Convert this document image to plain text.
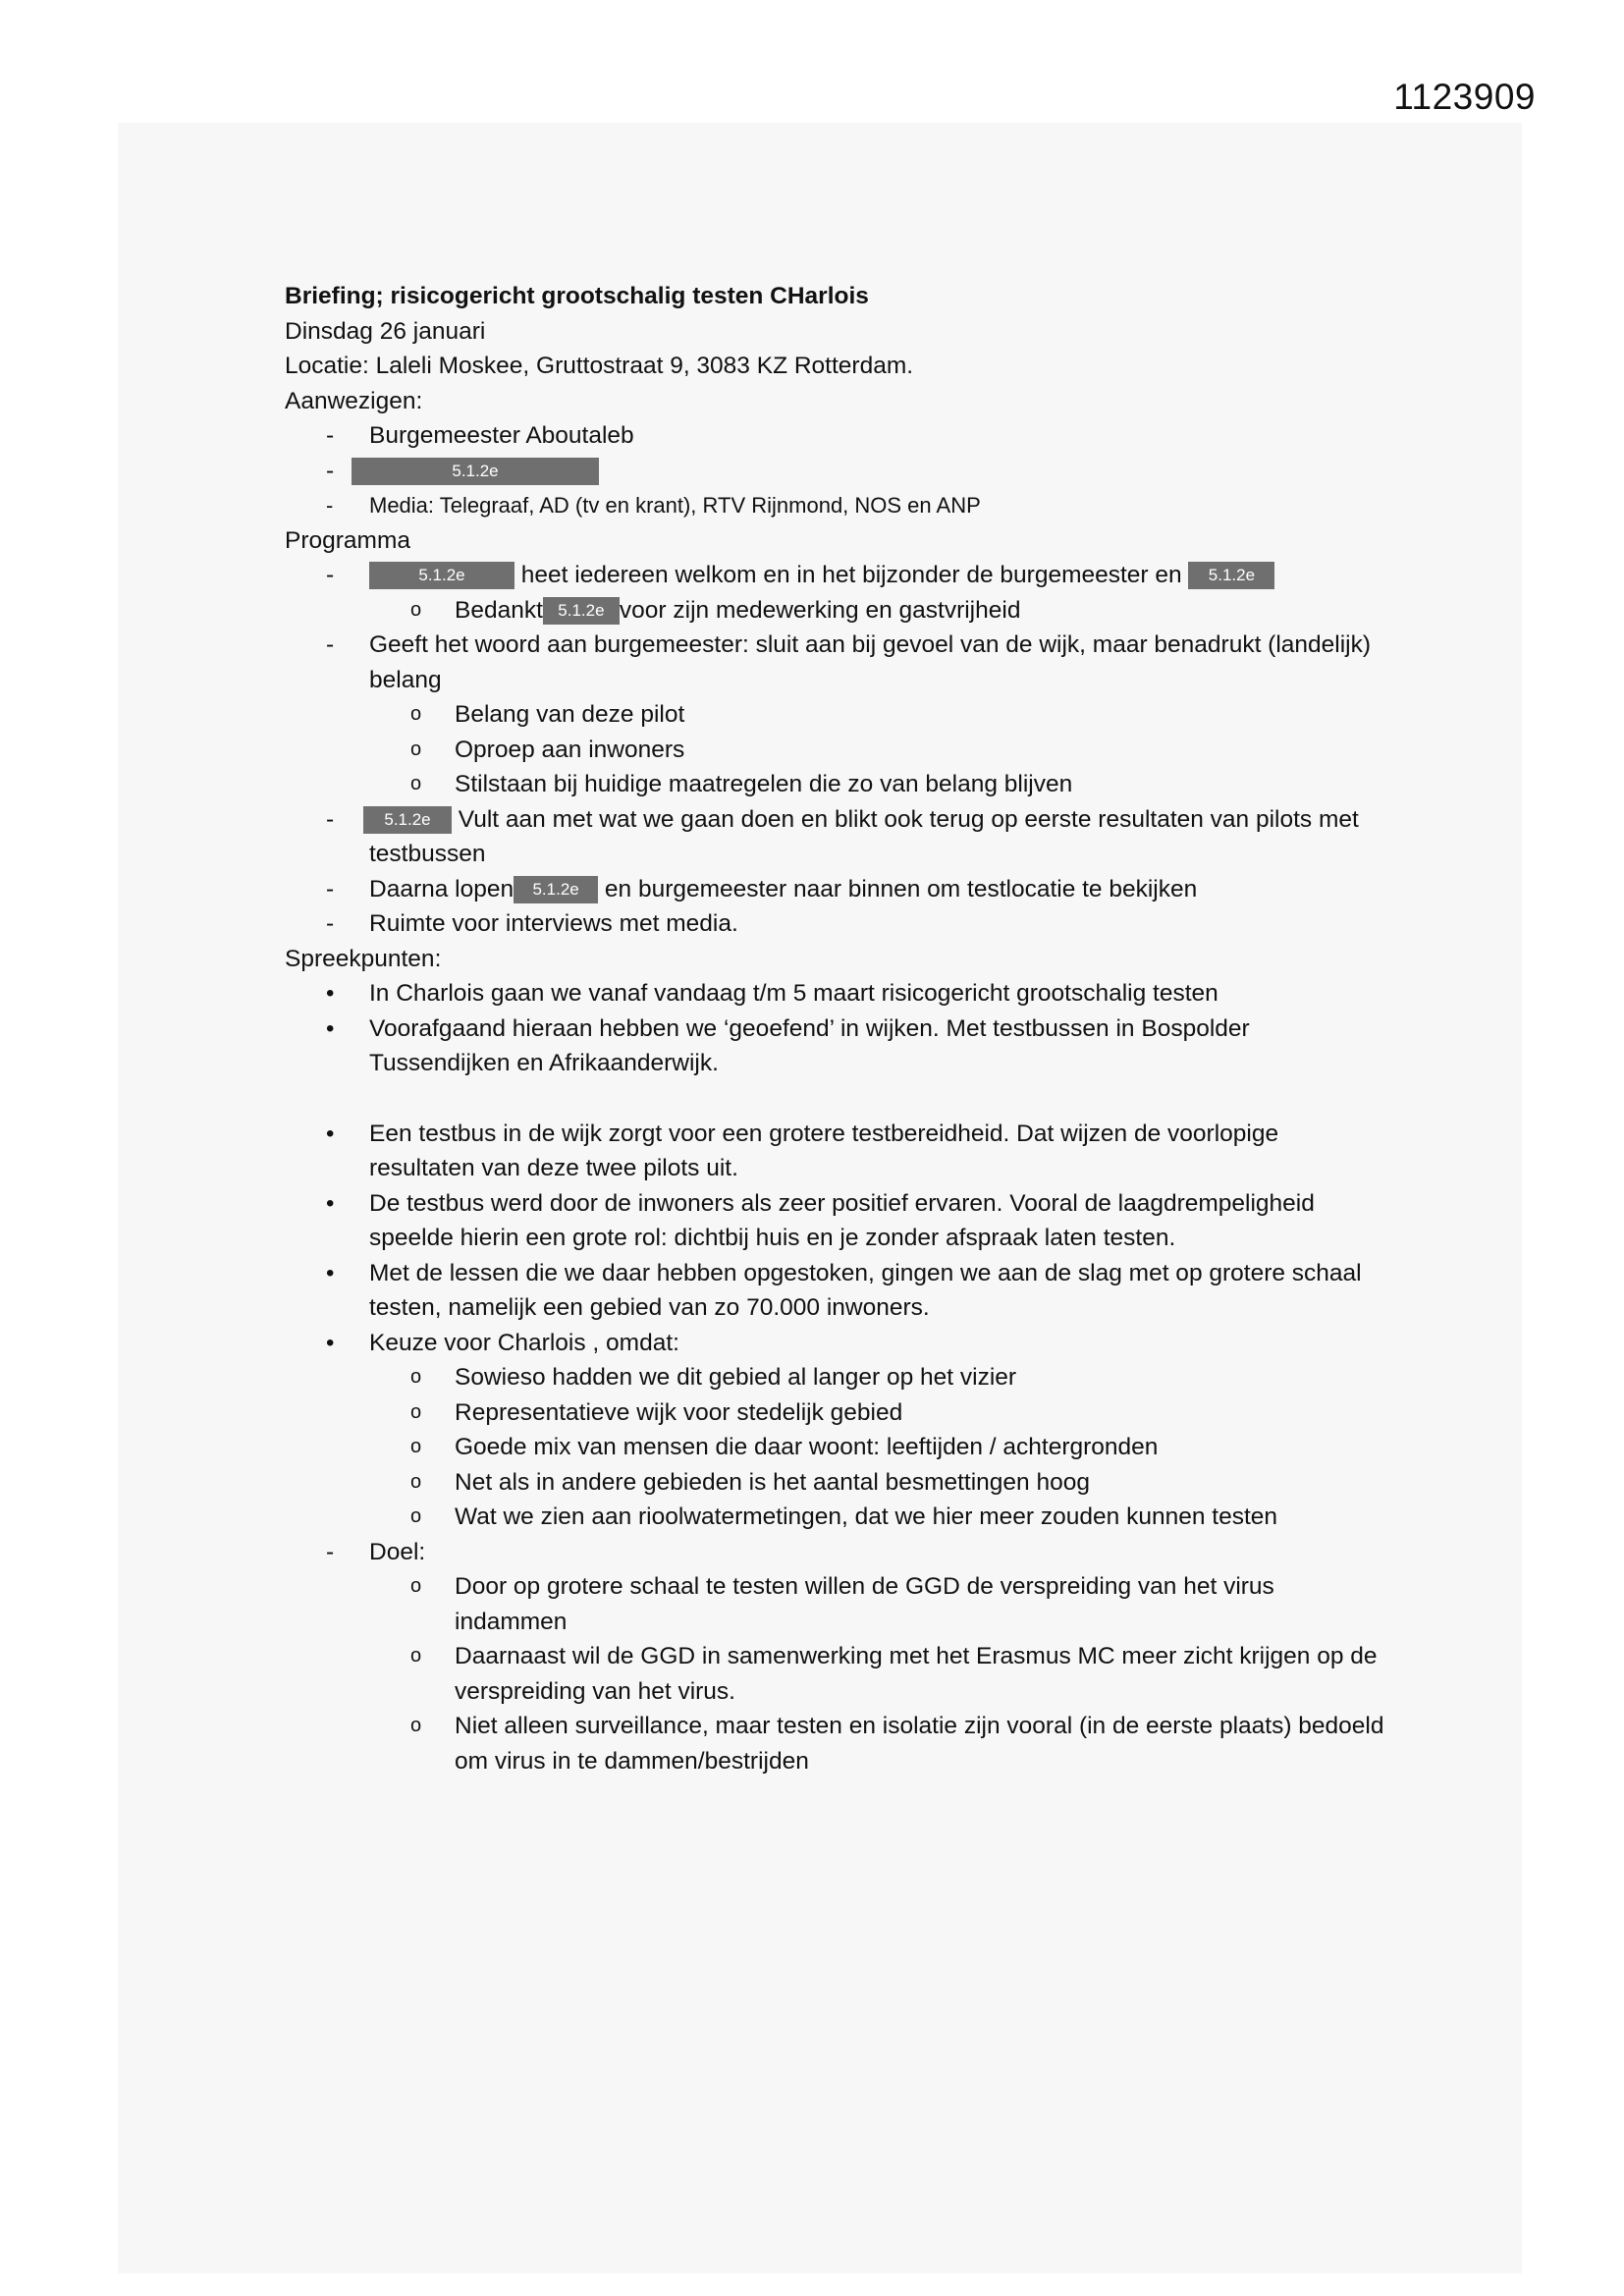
1123909

Briefing; risicogericht grootschalig testen CHarlois

Dinsdag 26 januari

Locatie: Laleli Moskee, Gruttostraat 9, 3083 KZ Rotterdam.

Aanwezigen:

- Burgemeester Aboutaleb
-	5.1.2e
- Media: Telegraaf, AD (tv en krant), RTV Rijnmond, NOS en ANP

Programma

-	5.1.2e heet iedereen welkom en in het bijzonder de burgemeester en 5.1.2e
o Bedankt 5.1.2e voor zijn medewerking en gastvrijheid
- Geeft het woord aan burgemeester: sluit aan bij gevoel van de wijk, maar benadrukt (landelijk) belang
o Belang van deze pilot
o Oproep aan inwoners
o Stilstaan bij huidige maatregelen die zo van belang blijven
-	5.1.2e Vult aan met wat we gaan doen en blikt ook terug op eerste resultaten van pilots met testbussen
- Daarna lopen 5.1.2e en burgemeester naar binnen om testlocatie te bekijken
- Ruimte voor interviews met media.

Spreekpunten:

• In Charlois gaan we vanaf vandaag t/m 5 maart risicogericht grootschalig testen
• Voorafgaand hieraan hebben we ‘geoefend’ in wijken. Met testbussen in Bospolder Tussendijken en Afrikaanderwijk.
• Een testbus in de wijk zorgt voor een grotere testbereidheid. Dat wijzen de voorlopige resultaten van deze twee pilots uit.
• De testbus werd door de inwoners als zeer positief ervaren. Vooral de laagdrempeligheid speelde hierin een grote rol: dichtbij huis en je zonder afspraak laten testen.
• Met de lessen die we daar hebben opgestoken, gingen we aan de slag met op grotere schaal testen, namelijk een gebied van zo 70.000 inwoners.
• Keuze voor Charlois , omdat:
o Sowieso hadden we dit gebied al langer op het vizier
o Representatieve wijk voor stedelijk gebied
o Goede mix van mensen die daar woont: leeftijden / achtergronden
o Net als in andere gebieden is het aantal besmettingen hoog
o Wat we zien aan rioolwatermetingen, dat we hier meer zouden kunnen testen
- Doel:
o Door op grotere schaal te testen willen de GGD de verspreiding van het virus indammen
o Daarnaast wil de GGD in samenwerking met het Erasmus MC meer zicht krijgen op de verspreiding van het virus.
o Niet alleen surveillance, maar testen en isolatie zijn vooral (in de eerste plaats) bedoeld om virus in te dammen/bestrijden
